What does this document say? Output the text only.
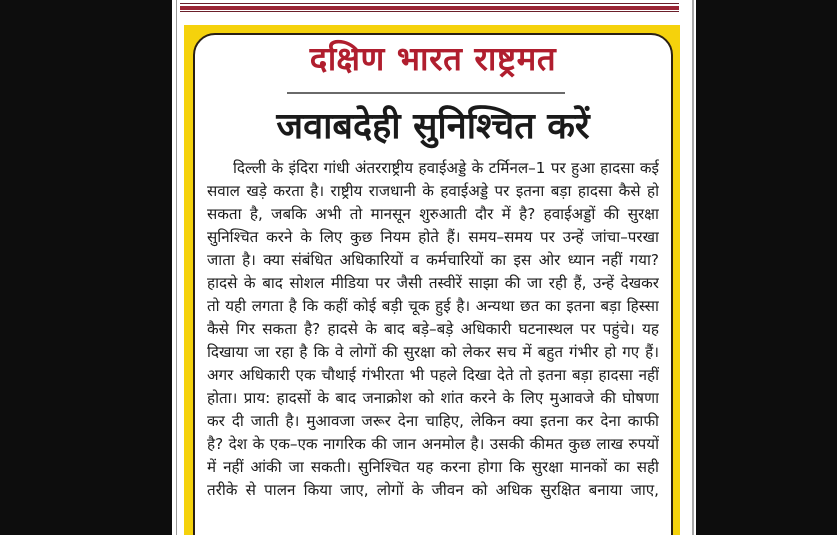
दक्षिण भारत राष्ट्रमत
जवाबदेही सुनिश्चित करें
दिल्ली के इंदिरा गांधी अंतरराष्ट्रीय हवाईअड्डे के टर्मिनल–1 पर हुआ हादसा कई
सवाल खड़े करता है। राष्ट्रीय राजधानी के हवाईअड्डे पर इतना बड़ा हादसा कैसे हो
सकता है, जबकि अभी तो मानसून शुरुआती दौर में है? हवाईअड्डों की सुरक्षा
सुनिश्चित करने के लिए कुछ नियम होते हैं। समय–समय पर उन्हें जांचा–परखा
जाता है। क्या संबंधित अधिकारियों व कर्मचारियों का इस ओर ध्यान नहीं गया?
हादसे के बाद सोशल मीडिया पर जैसी तस्वीरें साझा की जा रही हैं, उन्हें देखकर
तो यही लगता है कि कहीं कोई बड़ी चूक हुई है। अन्यथा छत का इतना बड़ा हिस्सा
कैसे गिर सकता है? हादसे के बाद बड़े–बड़े अधिकारी घटनास्थल पर पहुंचे। यह
दिखाया जा रहा है कि वे लोगों की सुरक्षा को लेकर सच में बहुत गंभीर हो गए हैं।
अगर अधिकारी एक चौथाई गंभीरता भी पहले दिखा देते तो इतना बड़ा हादसा नहीं
होता। प्राय: हादसों के बाद जनाक्रोश को शांत करने के लिए मुआवजे की घोषणा
कर दी जाती है। मुआवजा जरूर देना चाहिए, लेकिन क्या इतना कर देना काफी
है? देश के एक–एक नागरिक की जान अनमोल है। उसकी कीमत कुछ लाख रुपयों
में नहीं आंकी जा सकती। सुनिश्चित यह करना होगा कि सुरक्षा मानकों का सही
तरीके से पालन किया जाए, लोगों के जीवन को अधिक सुरक्षित बनाया जाए,
